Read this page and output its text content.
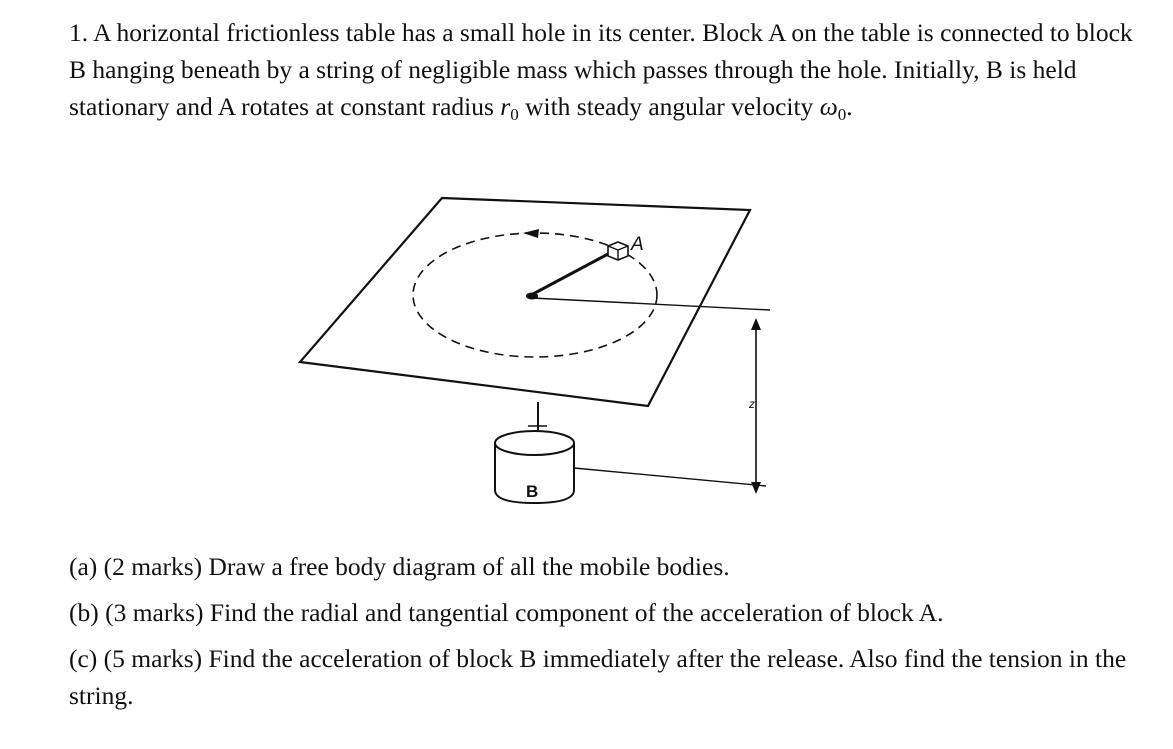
1. A horizontal frictionless table has a small hole in its center. Block A on the table is connected to block B hanging beneath by a string of negligible mass which passes through the hole. Initially, B is held stationary and A rotates at constant radius $r_0$ with steady angular velocity $\omega_0$.
A
B
z
(a) (2 marks) Draw a free body diagram of all the mobile bodies.
(b) (3 marks) Find the radial and tangential component of the acceleration of block A.
(c) (5 marks) Find the acceleration of block B immediately after the release. Also find the tension in the string.
